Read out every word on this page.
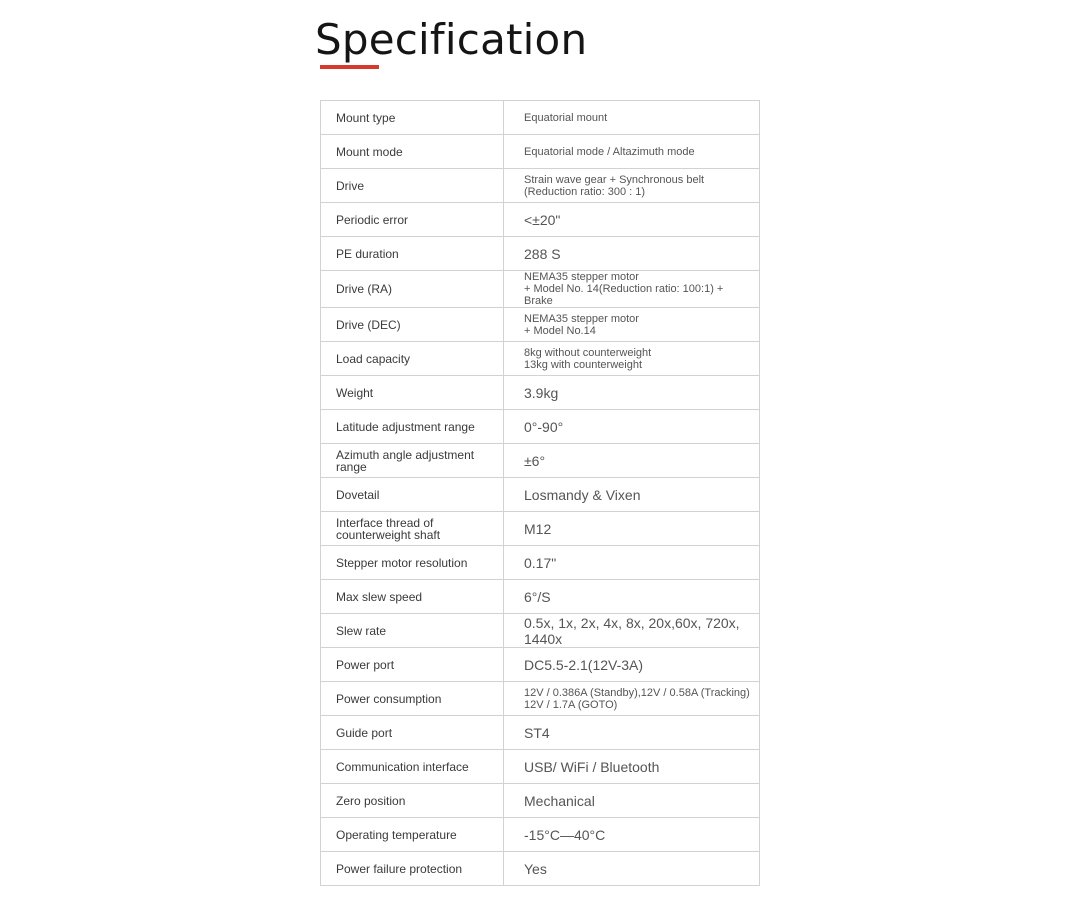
Specification
Mount type	Equatorial mount
Mount mode	Equatorial mode / Altazimuth mode
Drive	Strain wave gear + Synchronous belt
(Reduction ratio: 300 : 1)
Periodic error	<±20"
PE duration	288 S
Drive (RA)	NEMA35 stepper motor
+ Model No. 14(Reduction ratio: 100:1) + Brake
Drive (DEC)	NEMA35 stepper motor
+ Model No.14
Load capacity	8kg without counterweight
13kg with counterweight
Weight	3.9kg
Latitude adjustment range	0°-90°
Azimuth angle adjustment range	±6°
Dovetail	Losmandy & Vixen
Interface thread of counterweight shaft	M12
Stepper motor resolution	0.17"
Max slew speed	6°/S
Slew rate	0.5x, 1x, 2x, 4x, 8x, 20x,60x, 720x, 1440x
Power port	DC5.5-2.1(12V-3A)
Power consumption	12V / 0.386A (Standby),12V / 0.58A (Tracking)
12V / 1.7A (GOTO)
Guide port	ST4
Communication interface	USB/ WiFi / Bluetooth
Zero position	Mechanical
Operating temperature	-15°C—40°C
Power failure protection	Yes
